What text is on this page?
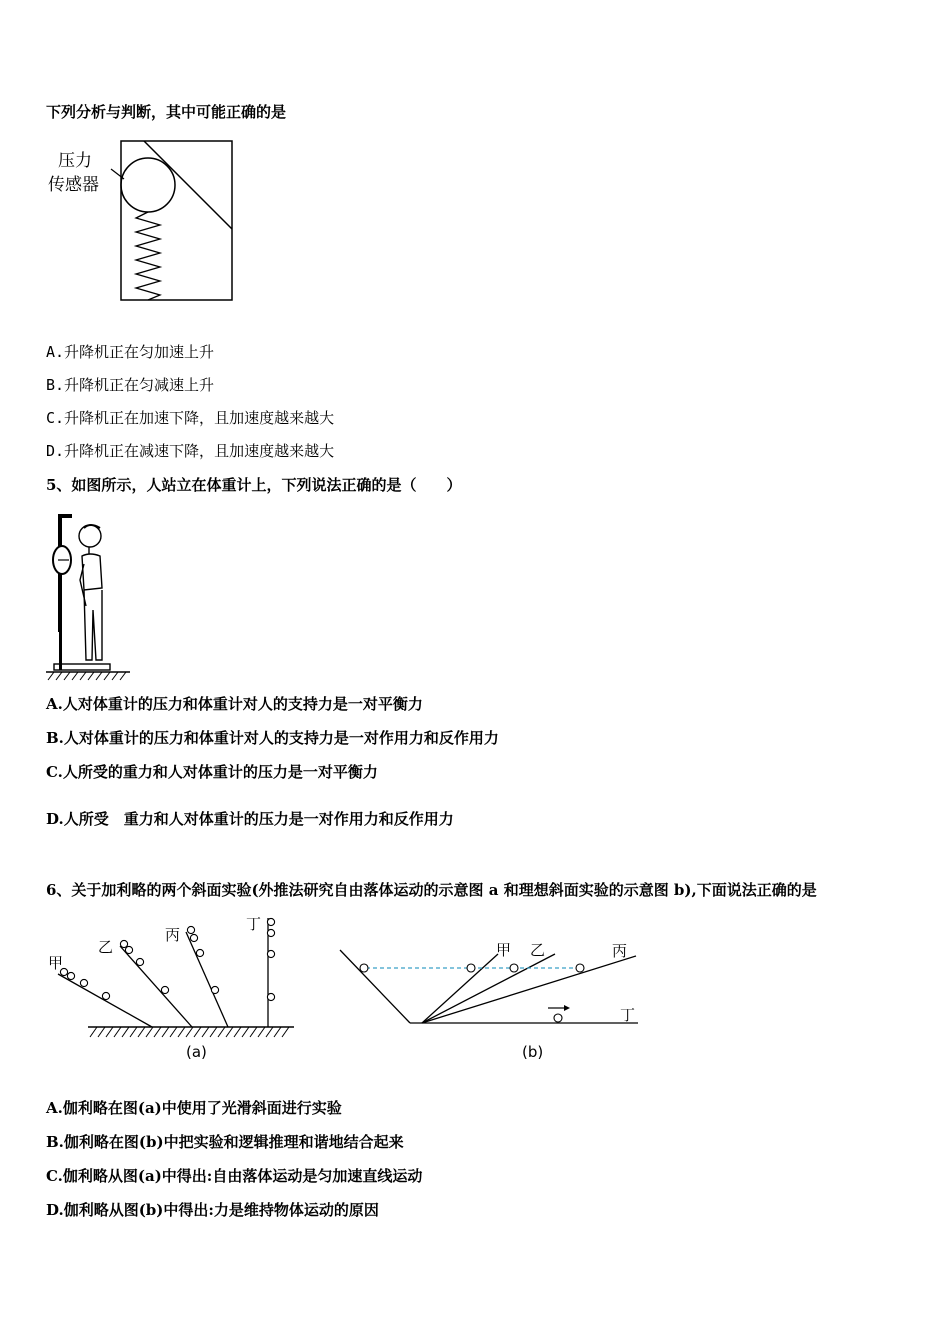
下列分析与判断，其中可能正确的是
压力
传感器
A.升降机正在匀加速上升
B.升降机正在匀减速上升
C.升降机正在加速下降，且加速度越来越大
D.升降机正在减速下降，且加速度越来越大
5、如图所示，人站立在体重计上，下列说法正确的是（　　）
A.人对体重计的压力和体重计对人的支持力是一对平衡力
B.人对体重计的压力和体重计对人的支持力是一对作用力和反作用力
C.人所受的重力和人对体重计的压力是一对平衡力
D.人所受　重力和人对体重计的压力是一对作用力和反作用力
6、关于加利略的两个斜面实验(外推法研究自由落体运动的示意图 a 和理想斜面实验的示意图 b),下面说法正确的是
甲
乙
丙
丁
(a)
甲 乙	丙
丁
(b)
A.伽利略在图(a)中使用了光滑斜面进行实验
B.伽利略在图(b)中把实验和逻辑推理和谐地结合起来
C.伽利略从图(a)中得出:自由落体运动是匀加速直线运动
D.伽利略从图(b)中得出:力是维持物体运动的原因
